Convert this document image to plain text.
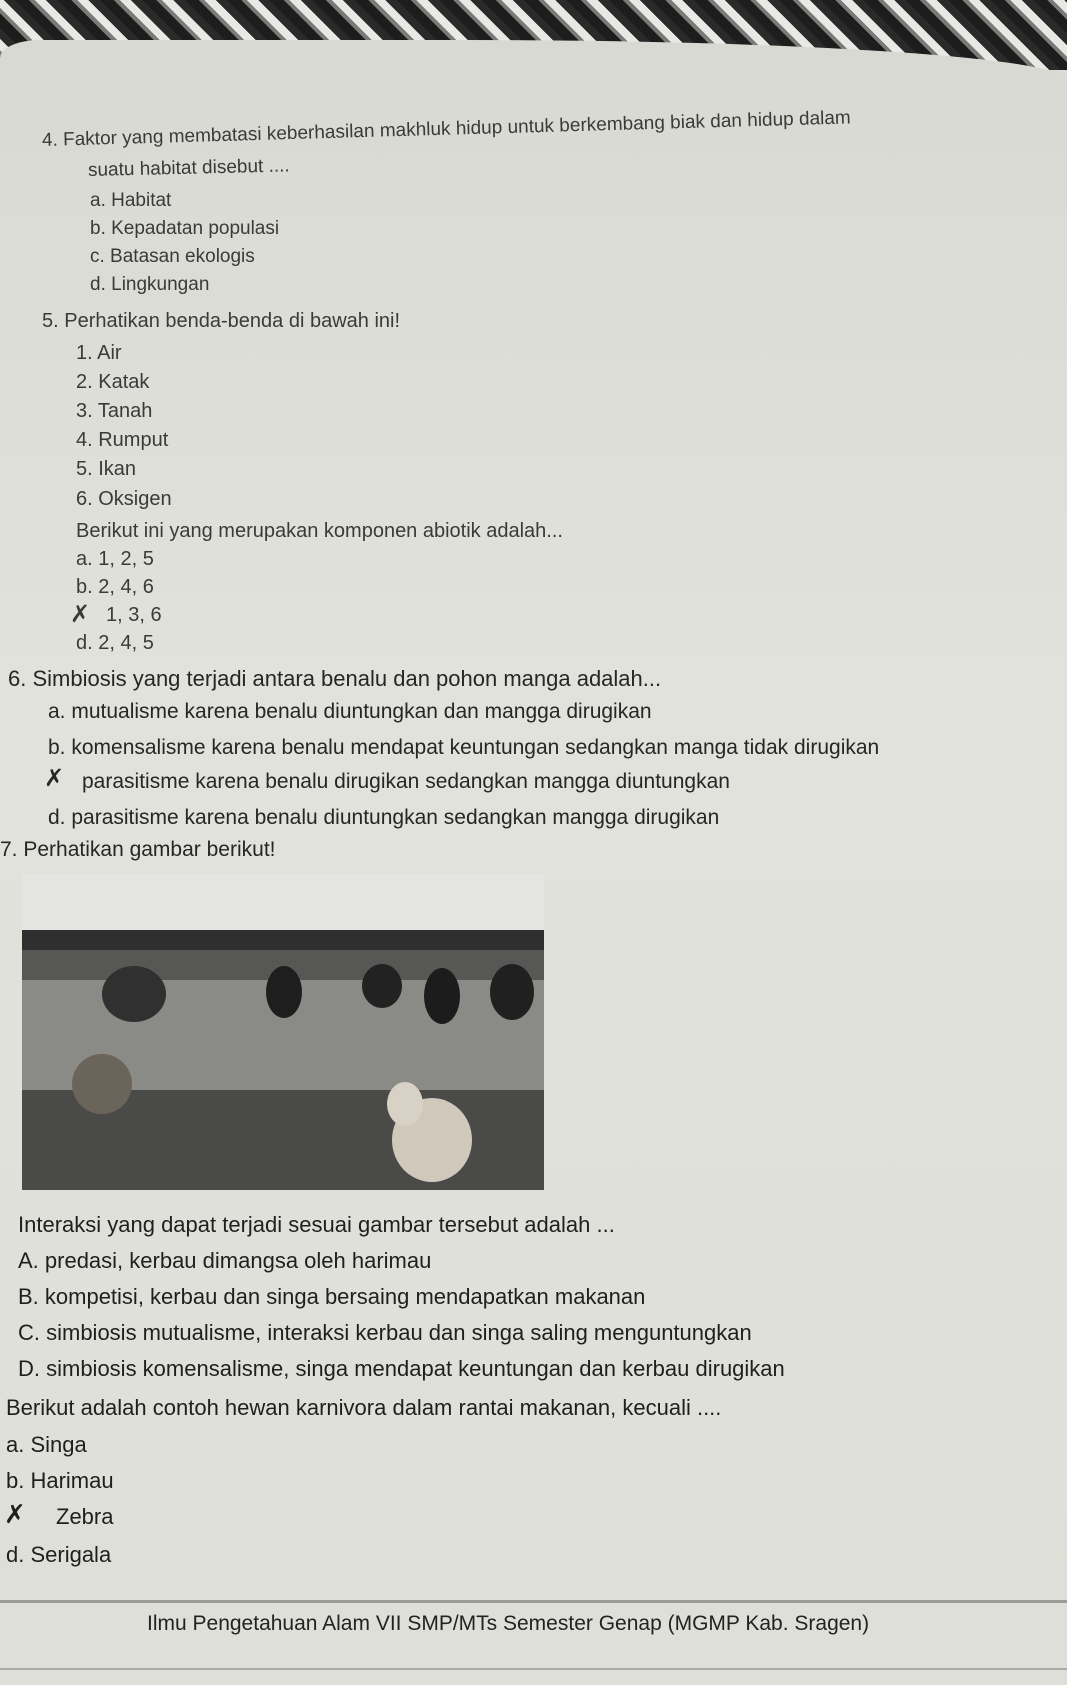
4. Faktor yang membatasi keberhasilan makhluk hidup untuk berkembang biak dan hidup dalam
suatu habitat disebut ....
a. Habitat
b. Kepadatan populasi
c. Batasan ekologis
d. Lingkungan
5. Perhatikan benda-benda di bawah ini!
1. Air
2. Katak
3. Tanah
4. Rumput
5. Ikan
6. Oksigen
Berikut ini yang merupakan komponen abiotik adalah...
a. 1, 2, 5
b. 2, 4, 6
✗ 1, 3, 6
d. 2, 4, 5
6. Simbiosis yang terjadi antara benalu dan pohon manga adalah...
a. mutualisme karena benalu diuntungkan dan mangga dirugikan
b. komensalisme karena benalu mendapat keuntungan sedangkan manga tidak dirugikan
✗ parasitisme karena benalu dirugikan sedangkan mangga diuntungkan
d. parasitisme karena benalu diuntungkan sedangkan mangga dirugikan
7. Perhatikan gambar berikut!
Interaksi yang dapat terjadi sesuai gambar tersebut adalah ...
A. predasi, kerbau dimangsa oleh harimau
B. kompetisi, kerbau dan singa bersaing mendapatkan makanan
C. simbiosis mutualisme, interaksi kerbau dan singa saling menguntungkan
D. simbiosis komensalisme, singa mendapat keuntungan dan kerbau dirugikan
Berikut adalah contoh hewan karnivora dalam rantai makanan, kecuali ....
a. Singa
b. Harimau
✗ Zebra
d. Serigala
Ilmu Pengetahuan Alam VII SMP/MTs Semester Genap (MGMP Kab. Sragen)
